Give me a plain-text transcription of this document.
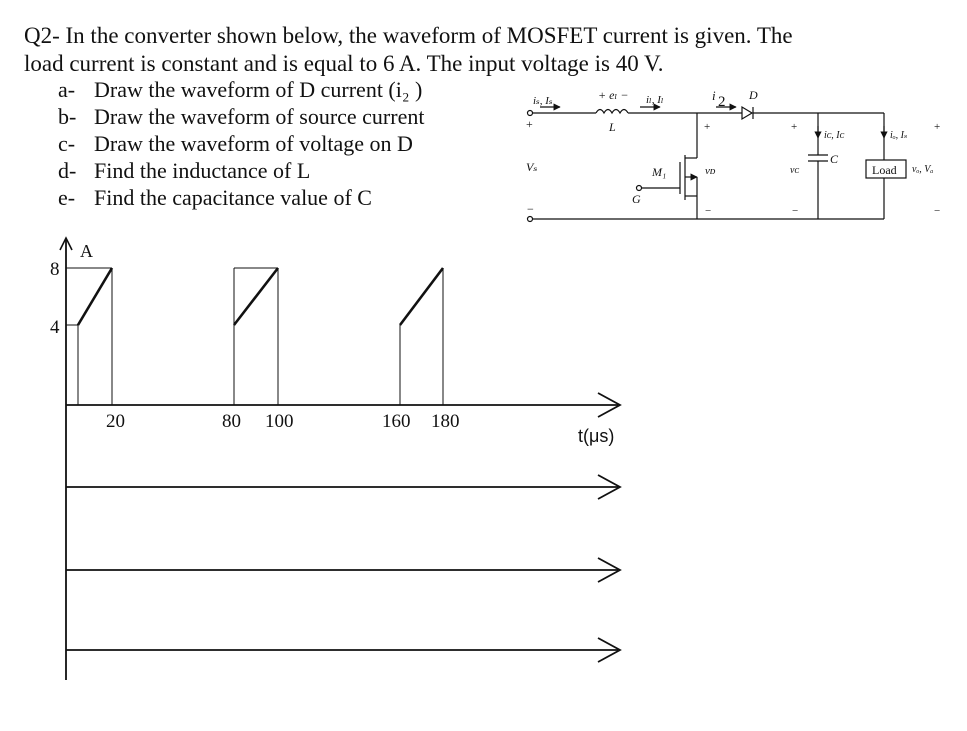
Q2- In the converter shown below, the waveform of MOSFET current is given. The
load current is constant and is equal to 6 A. The input voltage is 40 V.
a- Draw the waveform of D current (i₂ )
b- Draw the waveform of source current
c- Draw the waveform of voltage on D
d- Find the inductance of L
e- Find the capacitance value of C
iₛ, Iₛ	+ eₗ − iₗ, Iₗ
L
i 2 D
+
Vₛ
−
M₁
G
+
vᴅ
−
+
vᴄ
−
iᴄ, Iᴄ
C
iₒ, Iₛ
+
Load vₒ, Vₐ
−
A
8
4
20	80 100	160 180
t(μs)
